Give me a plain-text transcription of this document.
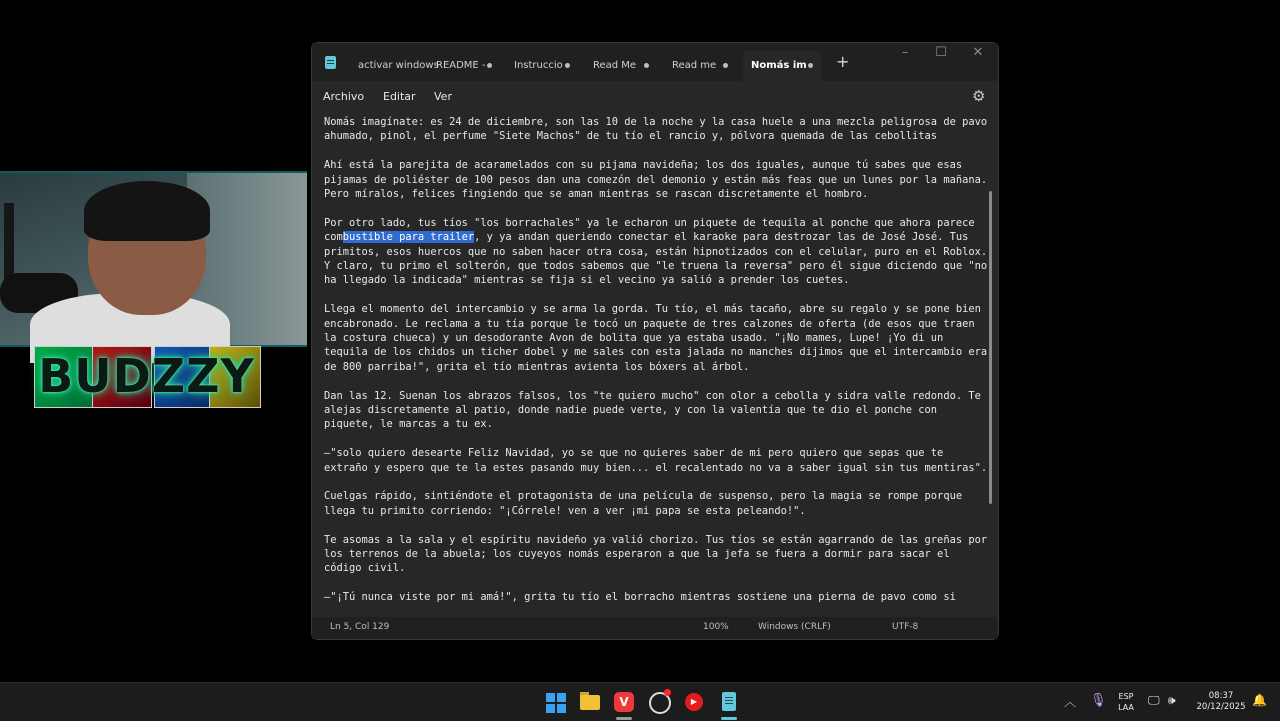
BUDZZY
activar windows
README -	Instruccio	Read Me	Read me	Nomás im +	–	☐	✕
Archivo Editar Ver	⚙

Nomás imagínate: es 24 de diciembre, son las 10 de la noche y la casa huele a una mezcla peligrosa de pavo ahumado, pinol, el perfume "Siete Machos" de tu tío el rancio y, pólvora quemada de las cebollitas

Ahí está la parejita de acaramelados con su pijama navideña; los dos iguales, aunque tú sabes que esas pijamas de poliéster de 100 pesos dan una comezón del demonio y están más feas que un lunes por la mañana. Pero míralos, felices fingiendo que se aman mientras se rascan discretamente el hombro.

Por otro lado, tus tíos "los borrachales" ya le echaron un piquete de tequila al ponche que ahora parece combustible para trailer, y ya andan queriendo conectar el karaoke para destrozar las de José José. Tus primitos, esos huercos que no saben hacer otra cosa, están hipnotizados con el celular, puro en el Roblox. Y claro, tu primo el solterón, que todos sabemos que "le truena la reversa" pero él sigue diciendo que "no ha llegado la indicada" mientras se fija si el vecino ya salió a prender los cuetes.

Llega el momento del intercambio y se arma la gorda. Tu tío, el más tacaño, abre su regalo y se pone bien encabronado. Le reclama a tu tía porque le tocó un paquete de tres calzones de oferta (de esos que traen la costura chueca) y un desodorante Avon de bolita que ya estaba usado. "¡No mames, Lupe! ¡Yo di un tequila de los chidos un ticher dobel y me sales con esta jalada no manches dijimos que el intercambio era de 800 parriba!", grita el tío mientras avienta los bóxers al árbol.

Dan las 12. Suenan los abrazos falsos, los "te quiero mucho" con olor a cebolla y sidra valle redondo. Te alejas discretamente al patio, donde nadie puede verte, y con la valentía que te dio el ponche con piquete, le marcas a tu ex.

—"solo quiero desearte Feliz Navidad, yo se que no quieres saber de mi pero quiero que sepas que te extraño y espero que te la estes pasando muy bien... el recalentado no va a saber igual sin tus mentiras".

Cuelgas rápido, sintiéndote el protagonista de una película de suspenso, pero la magia se rompe porque llega tu primito corriendo: "¡Córrele! ven a ver ¡mi papa se esta peleando!".

Te asomas a la sala y el espíritu navideño ya valió chorizo. Tus tíos se están agarrando de las greñas por los terrenos de la abuela; los cuyeyos nomás esperaron a que la jefa se fuera a dormir para sacar el código civil.

—"¡Tú nunca viste por mi amá!", grita tu tío el borracho mientras sostiene una pierna de pavo como si

Ln 5, Col 129	100%	Windows (CRLF)	UTF-8
V	▶	︿ 🎙	ESP
LAA
🖵 🕪	08:37
20/12/2025 🔔
